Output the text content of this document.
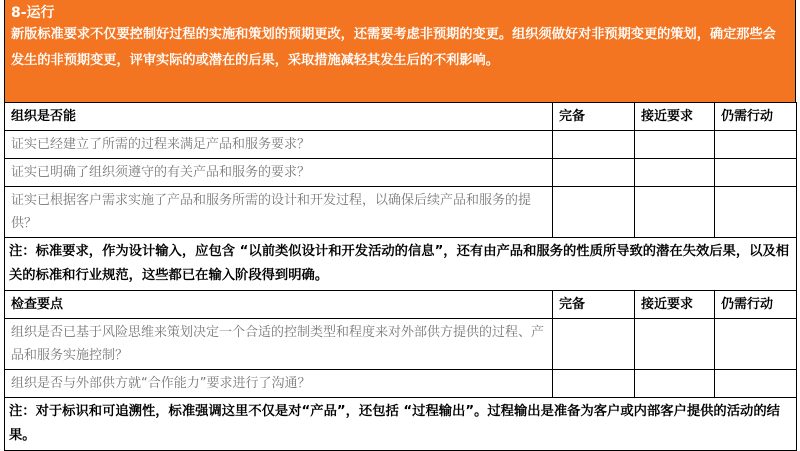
8-运行
新版标准要求不仅要控制好过程的实施和策划的预期更改，还需要考虑非预期的变更。组织须做好对非预期变更的策划，确定那些会发生的非预期变更，评审实际的或潜在的后果，采取措施减轻其发生后的不利影响。
组织是否能	完备	接近要求	仍需行动
证实已经建立了所需的过程来满足产品和服务要求？			
证实已明确了组织须遵守的有关产品和服务的要求？			
证实已根据客户需求实施了产品和服务所需的设计和开发过程，以确保后续产品和服务的提供？			
注：标准要求，作为设计输入，应包含 “以前类似设计和开发活动的信息”，还有由产品和服务的性质所导致的潜在失效后果，以及相关的标准和行业规范，这些都已在输入阶段得到明确。			
检查要点	完备	接近要求	仍需行动
组织是否已基于风险思维来策划决定一个合适的控制类型和程度来对外部供方提供的过程、产品和服务实施控制？			
组织是否与外部供方就“合作能力”要求进行了沟通？			
注：对于标识和可追溯性，标准强调这里不仅是对“产品”，还包括 “过程输出”。过程输出是准备为客户或内部客户提供的活动的结果。			
